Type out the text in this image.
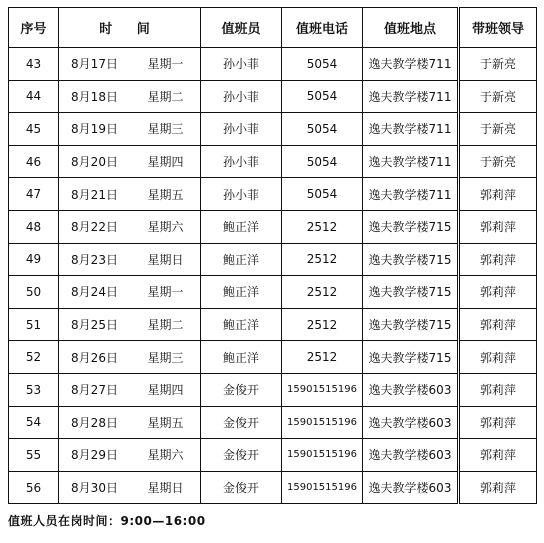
序号	时 间		值班员	值班电话	值班地点	带班领导
43	8月17日	星期一	孙小菲	5054	逸夫教学楼711	于新亮
44	8月18日	星期二	孙小菲	5054	逸夫教学楼711	于新亮
45	8月19日	星期三	孙小菲	5054	逸夫教学楼711	于新亮
46	8月20日	星期四	孙小菲	5054	逸夫教学楼711	于新亮
47	8月21日	星期五	孙小菲	5054	逸夫教学楼711	郭莉萍
48	8月22日	星期六	鲍正洋	2512	逸夫教学楼715	郭莉萍
49	8月23日	星期日	鲍正洋	2512	逸夫教学楼715	郭莉萍
50	8月24日	星期一	鲍正洋	2512	逸夫教学楼715	郭莉萍
51	8月25日	星期二	鲍正洋	2512	逸夫教学楼715	郭莉萍
52	8月26日	星期三	鲍正洋	2512	逸夫教学楼715	郭莉萍
53	8月27日	星期四	金俊开	15901515196	逸夫教学楼603	郭莉萍
54	8月28日	星期五	金俊开	15901515196	逸夫教学楼603	郭莉萍
55	8月29日	星期六	金俊开	15901515196	逸夫教学楼603	郭莉萍
56	8月30日	星期日	金俊开	15901515196	逸夫教学楼603	郭莉萍
值班人员在岗时间：9:00—16:00
